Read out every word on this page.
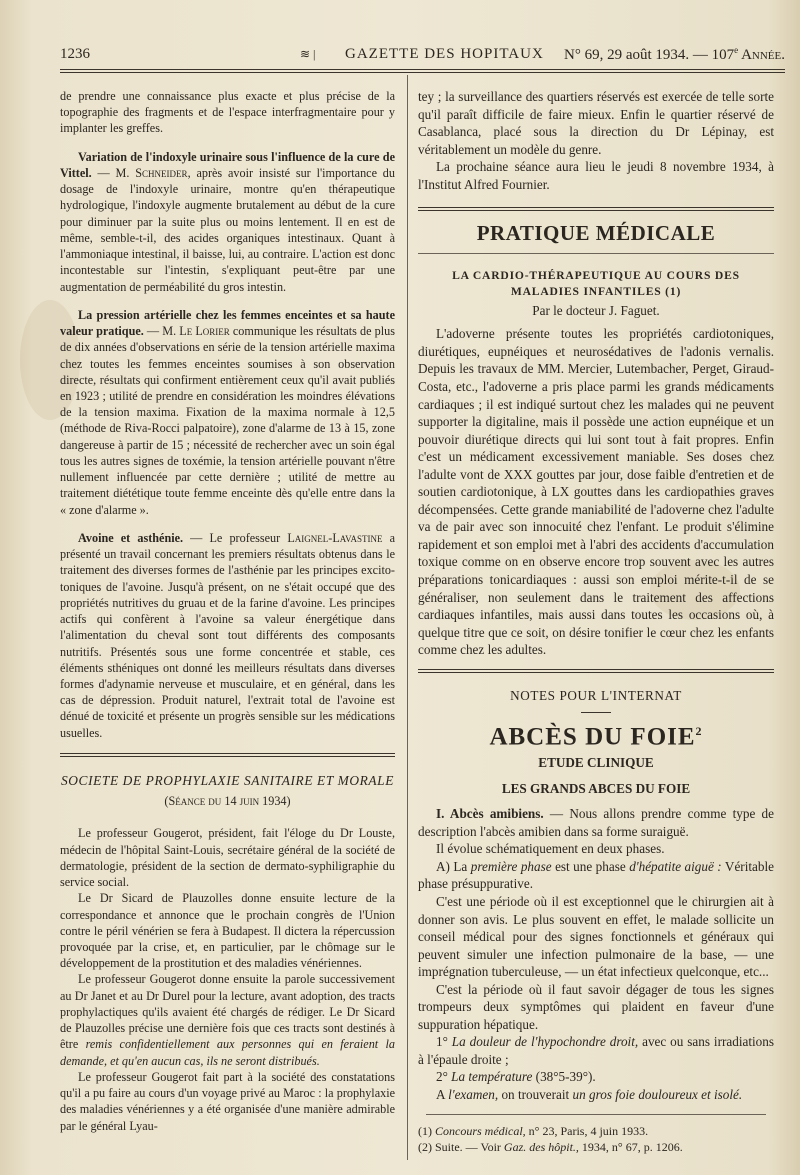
1236	≋ | GAZETTE DES HOPITAUX N° 69, 29 août 1934. — 107e Année.

de prendre une connaissance plus exacte et plus précise de la topographie des fragments et de l'espace interfragmentaire pour y implanter les greffes.

Variation de l'indoxyle urinaire sous l'influence de la cure de Vittel. — M. Schneider, après avoir insisté sur l'importance du dosage de l'indoxyle urinaire, montre qu'en thérapeutique hydrologique, l'indoxyle augmente brutalement au début de la cure pour diminuer par la suite plus ou moins lentement. Il en est de même, semble-t-il, des acides organiques intestinaux. Quant à l'ammoniaque intestinal, il baisse, lui, au contraire. L'action est donc incontestable sur l'intestin, s'expliquant peut-être par une augmentation de perméabilité du gros intestin.

La pression artérielle chez les femmes enceintes et sa haute valeur pratique. — M. Le Lorier communique les résultats de plus de dix années d'observations en série de la tension artérielle maxima chez toutes les femmes enceintes soumises à son observation directe, résultats qui confirment entièrement ceux qu'il avait publiés en 1923 ; utilité de prendre en considération les moindres élévations de la tension maxima. Fixation de la maxima normale à 12,5 (méthode de Riva-Rocci palpatoire), zone d'alarme de 13 à 15, zone dangereuse à partir de 15 ; nécessité de rechercher avec un soin égal tous les autres signes de toxémie, la tension artérielle pouvant n'être nullement influencée par cette dernière ; utilité de mettre au traitement diététique toute femme enceinte dès qu'elle entre dans la « zone d'alarme ».

Avoine et asthénie. — Le professeur Laignel-Lavastine a présenté un travail concernant les premiers résultats obtenus dans le traitement des diverses formes de l'asthénie par les principes excito-toniques de l'avoine. Jusqu'à présent, on ne s'était occupé que des propriétés nutritives du gruau et de la farine d'avoine. Les principes actifs qui confèrent à l'avoine sa valeur énergétique dans l'alimentation du cheval sont tout différents des composants nutritifs. Présentés sous une forme concentrée et stable, ces éléments sthéniques ont donné les meilleurs résultats dans diverses formes d'adynamie nerveuse et musculaire, et en général, dans les cas de dépression. Produit naturel, l'extrait total de l'avoine est dénué de toxicité et présente un progrès sensible sur les médications usuelles.

SOCIETE DE PROPHYLAXIE SANITAIRE ET MORALE

(Séance du 14 juin 1934)

Le professeur Gougerot, président, fait l'éloge du Dr Louste, médecin de l'hôpital Saint-Louis, secrétaire général de la société de dermatologie, président de la section de dermato-syphiligraphie du service social.

Le Dr Sicard de Plauzolles donne ensuite lecture de la correspondance et annonce que le prochain congrès de l'Union contre le péril vénérien se fera à Budapest. Il dictera la répercussion provoquée par la crise, et, en particulier, par le chômage sur le développement de la prostitution et des maladies vénériennes.

Le professeur Gougerot donne ensuite la parole successivement au Dr Janet et au Dr Durel pour la lecture, avant adoption, des tracts prophylactiques qu'ils avaient été chargés de rédiger. Le Dr Sicard de Plauzolles précise une dernière fois que ces tracts sont destinés à être remis confidentiellement aux personnes qui en feraient la demande, et qu'en aucun cas, ils ne seront distribués.

Le professeur Gougerot fait part à la société des constatations qu'il a pu faire au cours d'un voyage privé au Maroc : la prophylaxie des maladies vénériennes y a été organisée d'une manière admirable par le général Lyau-

tey ; la surveillance des quartiers réservés est exercée de telle sorte qu'il paraît difficile de faire mieux. Enfin le quartier réservé de Casablanca, placé sous la direction du Dr Lépinay, est véritablement un modèle du genre.

La prochaine séance aura lieu le jeudi 8 novembre 1934, à l'Institut Alfred Fournier.

PRATIQUE MÉDICALE

LA CARDIO-THÉRAPEUTIQUE AU COURS DES MALADIES INFANTILES (1)

Par le docteur J. Faguet.

L'adoverne présente toutes les propriétés cardiotoniques, diurétiques, eupnéiques et neurosédatives de l'adonis vernalis. Depuis les travaux de MM. Mercier, Lutembacher, Perget, Giraud-Costa, etc., l'adoverne a pris place parmi les grands médicaments cardiaques ; il est indiqué surtout chez les malades qui ne peuvent supporter la digitaline, mais il possède une action eupnéique et un pouvoir diurétique directs qui lui sont tout à fait propres. Enfin c'est un médicament excessivement maniable. Ses doses chez l'adulte vont de XXX gouttes par jour, dose faible d'entretien et de soutien cardiotonique, à LX gouttes dans les cardiopathies graves décompensées. Cette grande maniabilité de l'adoverne chez l'adulte va de pair avec son innocuité chez l'enfant. Le produit s'élimine rapidement et son emploi met à l'abri des accidents d'accumulation toxique comme on en observe encore trop souvent avec les autres préparations tonicardiaques : aussi son emploi mérite-t-il de se généraliser, non seulement dans le traitement des affections cardiaques infantiles, mais aussi dans toutes les occasions où, à quelque titre que ce soit, on désire tonifier le cœur chez les enfants comme chez les adultes.

NOTES POUR L'INTERNAT

ABCÈS DU FOIE$^2$

ETUDE CLINIQUE

LES GRANDS ABCES DU FOIE

I. Abcès amibiens. — Nous allons prendre comme type de description l'abcès amibien dans sa forme suraiguë.

Il évolue schématiquement en deux phases.

A) La première phase est une phase d'hépatite aiguë : Véritable phase présuppurative.

C'est une période où il est exceptionnel que le chirurgien ait à donner son avis. Le plus souvent en effet, le malade sollicite un conseil médical pour des signes fonctionnels et généraux qui peuvent simuler une infection pulmonaire de la base, — une imprégnation tuberculeuse, — un état infectieux quelconque, etc...

C'est la période où il faut savoir dégager de tous les signes trompeurs deux symptômes qui plaident en faveur d'une suppuration hépatique.

1° La douleur de l'hypochondre droit, avec ou sans irradiations à l'épaule droite ;

2° La température (38°5-39°).

A l'examen, on trouverait un gros foie douloureux et isolé.

(1) Concours médical, n° 23, Paris, 4 juin 1933.

(2) Suite. — Voir Gaz. des hôpit., 1934, n° 67, p. 1206.
